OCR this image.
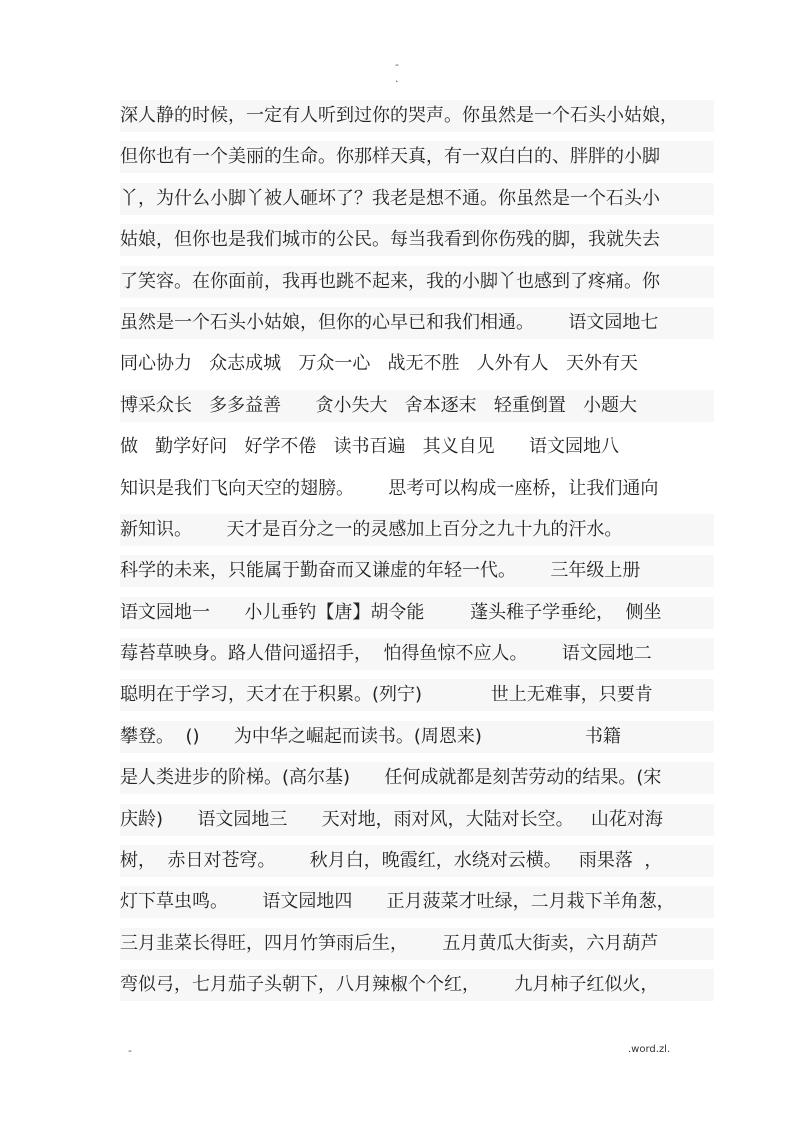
-
.
深人静的时候，一定有人听到过你的哭声。你虽然是一个石头小姑娘，
但你也有一个美丽的生命。你那样天真，有一双白白的、胖胖的小脚
丫，为什么小脚丫被人砸坏了？我老是想不通。你虽然是一个石头小
姑娘，但你也是我们城市的公民。每当我看到你伤残的脚，我就失去
了笑容。在你面前，我再也跳不起来，我的小脚丫也感到了疼痛。你
虽然是一个石头小姑娘，但你的心早已和我们相通。      语文园地七
同心协力   众志成城   万众一心   战无不胜   人外有人   天外有天
博采众长   多多益善      贪小失大   舍本逐末   轻重倒置   小题大
做   勤学好问   好学不倦   读书百遍   其义自见      语文园地八
知识是我们飞向天空的翅膀。      思考可以构成一座桥，让我们通向
新知识。      天才是百分之一的灵感加上百分之九十九的汗水。
科学的未来，只能属于勤奋而又谦虚的年轻一代。      三年级上册
语文园地一      小儿垂钓【唐】胡令能        蓬头稚子学垂纶，  侧坐
莓苔草映身。路人借问遥招手，  怕得鱼惊不应人。      语文园地二
聪明在于学习，天才在于积累。(列宁)            世上无难事，只要肯
攀登。  ()      为中华之崛起而读书。(周恩来)                  书籍
是人类进步的阶梯。(高尔基)      任何成就都是刻苦劳动的结果。(宋
庆龄)      语文园地三      天对地，雨对风，大陆对长空。   山花对海
树，  赤日对苍穹。      秋月白，晚霞红，水绕对云横。   雨果落  ，
灯下草虫鸣。      语文园地四      正月菠菜才吐绿，二月栽下羊角葱，
三月韭菜长得旺，四月竹笋雨后生，      五月黄瓜大街卖，六月葫芦
弯似弓，七月茄子头朝下，八月辣椒个个红，      九月柿子红似火，
-	.word.zl.
